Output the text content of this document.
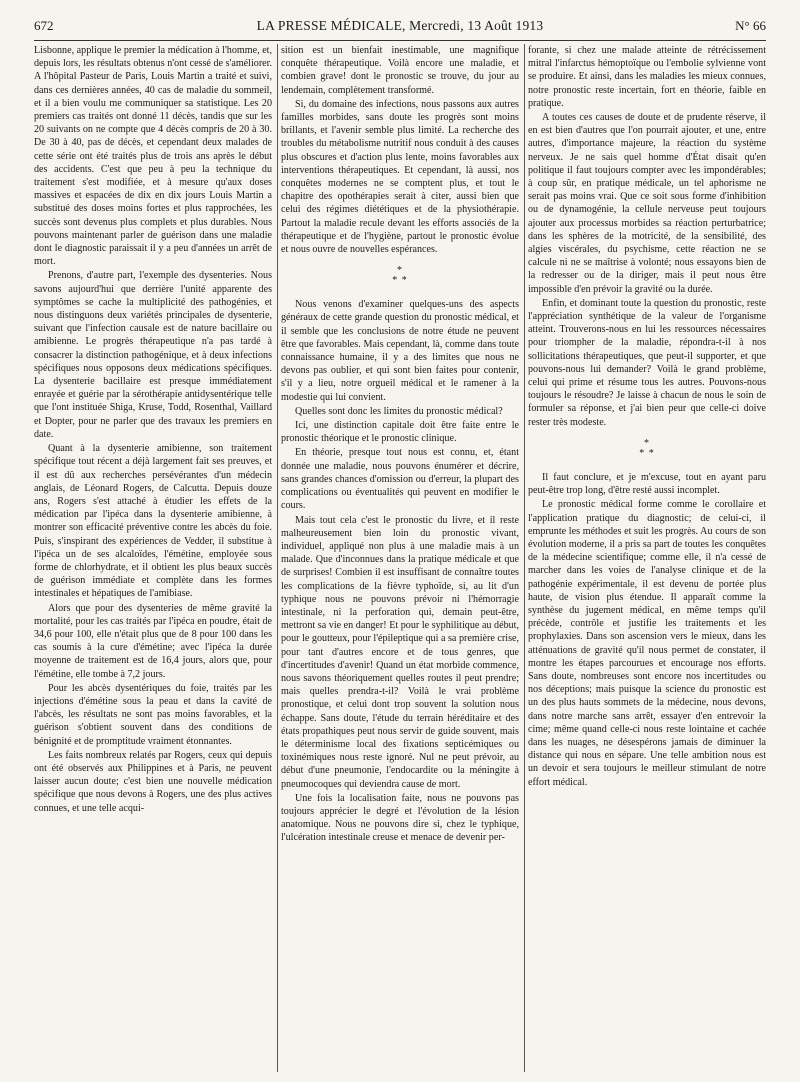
672	LA PRESSE MÉDICALE, Mercredi, 13 Août 1913	N° 66

Lisbonne, applique le premier la médication à l'homme, et, depuis lors, les résultats obtenus n'ont cessé de s'améliorer. A l'hôpital Pasteur de Paris, Louis Martin a traité et suivi, dans ces dernières années, 40 cas de maladie du sommeil, et il a bien voulu me communiquer sa statistique. Les 20 premiers cas traités ont donné 11 décès, tandis que sur les 20 suivants on ne compte que 4 décès compris de 20 à 30. De 30 à 40, pas de décès, et cependant deux malades de cette série ont été traités plus de trois ans après le début des accidents. C'est que peu à peu la technique du traitement s'est modifiée, et à mesure qu'aux doses massives et espacées de dix en dix jours Louis Martin a substitué des doses moins fortes et plus rapprochées, les succès sont devenus plus complets et plus durables. Nous pouvons maintenant parler de guérison dans une maladie dont le diagnostic paraissait il y a peu d'années un arrêt de mort.

Prenons, d'autre part, l'exemple des dysenteries. Nous savons aujourd'hui que derrière l'unité apparente des symptômes se cache la multiplicité des pathogénies, et nous distinguons deux variétés principales de dysenterie, suivant que l'infection causale est de nature bacillaire ou amibienne. Le progrès thérapeutique n'a pas tardé à consacrer la distinction pathogénique, et à deux infections spécifiques nous opposons deux médications spécifiques. La dysenterie bacillaire est presque immédiatement enrayée et guérie par la sérothérapie antidysentérique telle que l'ont instituée Shiga, Kruse, Todd, Rosenthal, Vaillard et Dopter, pour ne parler que des travaux les premiers en date.

Quant à la dysenterie amibienne, son traitement spécifique tout récent a déjà largement fait ses preuves, et il est dû aux recherches persévérantes d'un médecin anglais, de Léonard Rogers, de Calcutta. Depuis douze ans, Rogers s'est attaché à étudier les effets de la médication par l'ipéca dans la dysenterie amibienne, à montrer son efficacité préventive contre les abcès du foie. Puis, s'inspirant des expériences de Vedder, il substitue à l'ipéca un de ses alcaloïdes, l'émétine, employée sous forme de chlorhydrate, et il obtient les plus beaux succès de guérison immédiate et complète dans les formes intestinales et hépatiques de l'amibiase.

Alors que pour des dysenteries de même gravité la mortalité, pour les cas traités par l'ipéca en poudre, était de 34,6 pour 100, elle n'était plus que de 8 pour 100 dans les cas soumis à la cure d'émétine; avec l'ipéca la durée moyenne de traitement est de 16,4 jours, alors que, pour l'émétine, elle tombe à 7,2 jours.

Pour les abcès dysentériques du foie, traités par les injections d'émétine sous la peau et dans la cavité de l'abcès, les résultats ne sont pas moins favorables, et la guérison s'obtient souvent dans des conditions de bénignité et de promptitude vraiment étonnantes.

Les faits nombreux relatés par Rogers, ceux qui depuis ont été observés aux Philippines et à Paris, ne peuvent laisser aucun doute; c'est bien une nouvelle médication spécifique que nous devons à Rogers, une des plus actives connues, et une telle acqui-

sition est un bienfait inestimable, une magnifique conquête thérapeutique. Voilà encore une maladie, et combien grave! dont le pronostic se trouve, du jour au lendemain, complètement transformé.

Si, du domaine des infections, nous passons aux autres familles morbides, sans doute les progrès sont moins brillants, et l'avenir semble plus limité. La recherche des troubles du métabolisme nutritif nous conduit à des causes plus obscures et d'action plus lente, moins favorables aux interventions thérapeutiques. Et cependant, là aussi, nos conquêtes modernes ne se comptent plus, et tout le chapitre des opothérapies serait à citer, aussi bien que celui des régimes diététiques et de la physiothérapie. Partout la maladie recule devant les efforts associés de la thérapeutique et de l'hygiène, partout le pronostic évolue et nous ouvre de nouvelles espérances.

*
* *

Nous venons d'examiner quelques-uns des aspects généraux de cette grande question du pronostic médical, et il semble que les conclusions de notre étude ne peuvent être que favorables. Mais cependant, là, comme dans toute connaissance humaine, il y a des limites que nous ne devons pas oublier, et qui sont bien faites pour contenir, s'il y a lieu, notre orgueil médical et le ramener à la modestie qui lui convient.

Quelles sont donc les limites du pronostic médical?

Ici, une distinction capitale doit être faite entre le pronostic théorique et le pronostic clinique.

En théorie, presque tout nous est connu, et, étant donnée une maladie, nous pouvons énumérer et décrire, sans grandes chances d'omission ou d'erreur, la plupart des complications ou éventualités qui peuvent en modifier le cours.

Mais tout cela c'est le pronostic du livre, et il reste malheureusement bien loin du pronostic vivant, individuel, appliqué non plus à une maladie mais à un malade. Que d'inconnues dans la pratique médicale et que de surprises! Combien il est insuffisant de connaître toutes les complications de la fièvre typhoïde, si, au lit d'un typhique nous ne pouvons prévoir ni l'hémorragie intestinale, ni la perforation qui, demain peut-être, mettront sa vie en danger! Et pour le syphilitique au début, pour le goutteux, pour l'épileptique qui a sa première crise, pour tant d'autres encore et de tous genres, que d'incertitudes d'avenir! Quand un état morbide commence, nous savons théoriquement quelles routes il peut prendre; mais quelles prendra-t-il? Voilà le vrai problème pronostique, et celui dont trop souvent la solution nous échappe. Sans doute, l'étude du terrain héréditaire et des états propathiques peut nous servir de guide souvent, mais le déterminisme local des fixations septicémiques ou toxinémiques nous reste ignoré. Nul ne peut prévoir, au début d'une pneumonie, l'endocardite ou la méningite à pneumocoques qui deviendra cause de mort.

Une fois la localisation faite, nous ne pouvons pas toujours apprécier le degré et l'évolution de la lésion anatomique. Nous ne pouvons dire si, chez le typhique, l'ulcération intestinale creuse et menace de devenir per-

forante, si chez une malade atteinte de rétrécissement mitral l'infarctus hémoptoïque ou l'embolie sylvienne vont se produire. Et ainsi, dans les maladies les mieux connues, notre pronostic reste incertain, fort en théorie, faible en pratique.

A toutes ces causes de doute et de prudente réserve, il en est bien d'autres que l'on pourrait ajouter, et une, entre autres, d'importance majeure, la réaction du système nerveux. Je ne sais quel homme d'État disait qu'en politique il faut toujours compter avec les impondérables; à coup sûr, en pratique médicale, un tel aphorisme ne serait pas moins vrai. Que ce soit sous forme d'inhibition ou de dynamogénie, la cellule nerveuse peut toujours ajouter aux processus morbides sa réaction perturbatrice; dans les sphères de la motricité, de la sensibilité, des algies viscérales, du psychisme, cette réaction ne se calcule ni ne se maîtrise à volonté; nous essayons bien de la redresser ou de la diriger, mais il peut nous être impossible d'en prévoir la gravité ou la durée.

Enfin, et dominant toute la question du pronostic, reste l'appréciation synthétique de la valeur de l'organisme atteint. Trouverons-nous en lui les ressources nécessaires pour triompher de la maladie, répondra-t-il à nos sollicitations thérapeutiques, que peut-il supporter, et que pouvons-nous lui demander? Voilà le grand problème, celui qui prime et résume tous les autres. Pouvons-nous toujours le résoudre? Je laisse à chacun de nous le soin de formuler sa réponse, et j'ai bien peur que celle-ci doive rester très modeste.

*
* *

Il faut conclure, et je m'excuse, tout en ayant paru peut-être trop long, d'être resté aussi incomplet.

Le pronostic médical forme comme le corollaire et l'application pratique du diagnostic; de celui-ci, il emprunte les méthodes et suit les progrès. Au cours de son évolution moderne, il a pris sa part de toutes les conquêtes de la médecine scientifique; comme elle, il n'a cessé de marcher dans les voies de l'analyse clinique et de la pathogénie expérimentale, il est devenu de portée plus haute, de vision plus étendue. Il apparaît comme la synthèse du jugement médical, en même temps qu'il précède, contrôle et justifie les traitements et les prophylaxies. Dans son ascension vers le mieux, dans les atténuations de gravité qu'il nous permet de constater, il montre les étapes parcourues et encourage nos efforts. Sans doute, nombreuses sont encore nos incertitudes ou nos déceptions; mais puisque la science du pronostic est un des plus hauts sommets de la médecine, nous devons, dans notre marche sans arrêt, essayer d'en entrevoir la cime; même quand celle-ci nous reste lointaine et cachée dans les nuages, ne désespérons jamais de diminuer la distance qui nous en sépare. Une telle ambition nous est un devoir et sera toujours le meilleur stimulant de notre effort médical.
